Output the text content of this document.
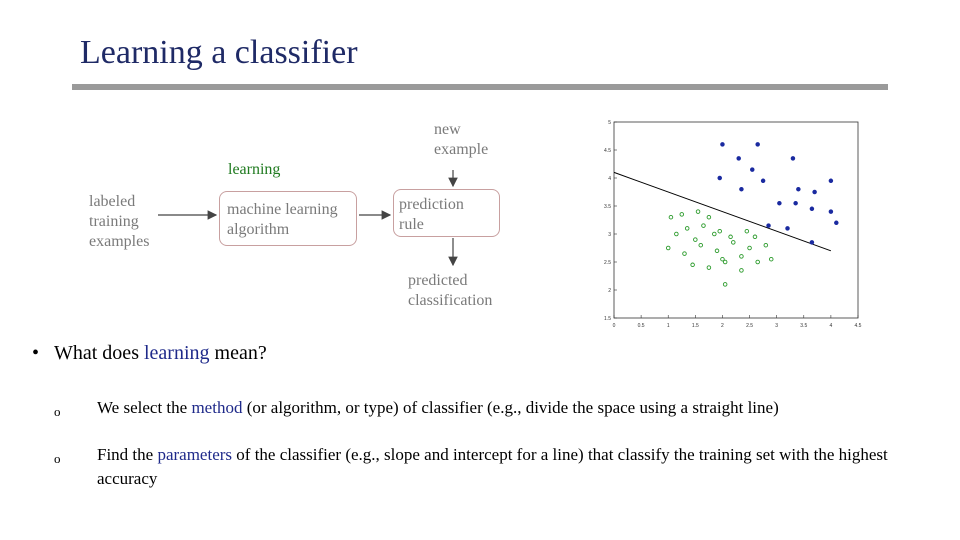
Learning a classifier
learning
labeled
training
examples
machine learning
algorithm
prediction
rule
new
example
predicted
classification
0	0.5	1	1.5	2	2.5	3	3.5	4	4.5
1.5
2
2.5
3
3.5
4
4.5
5
• What does learning mean?
o We select the method (or algorithm, or type) of classifier (e.g., divide the space using a straight line)
o Find the parameters of the classifier (e.g., slope and intercept for a line) that classify the training set with the highest accuracy
